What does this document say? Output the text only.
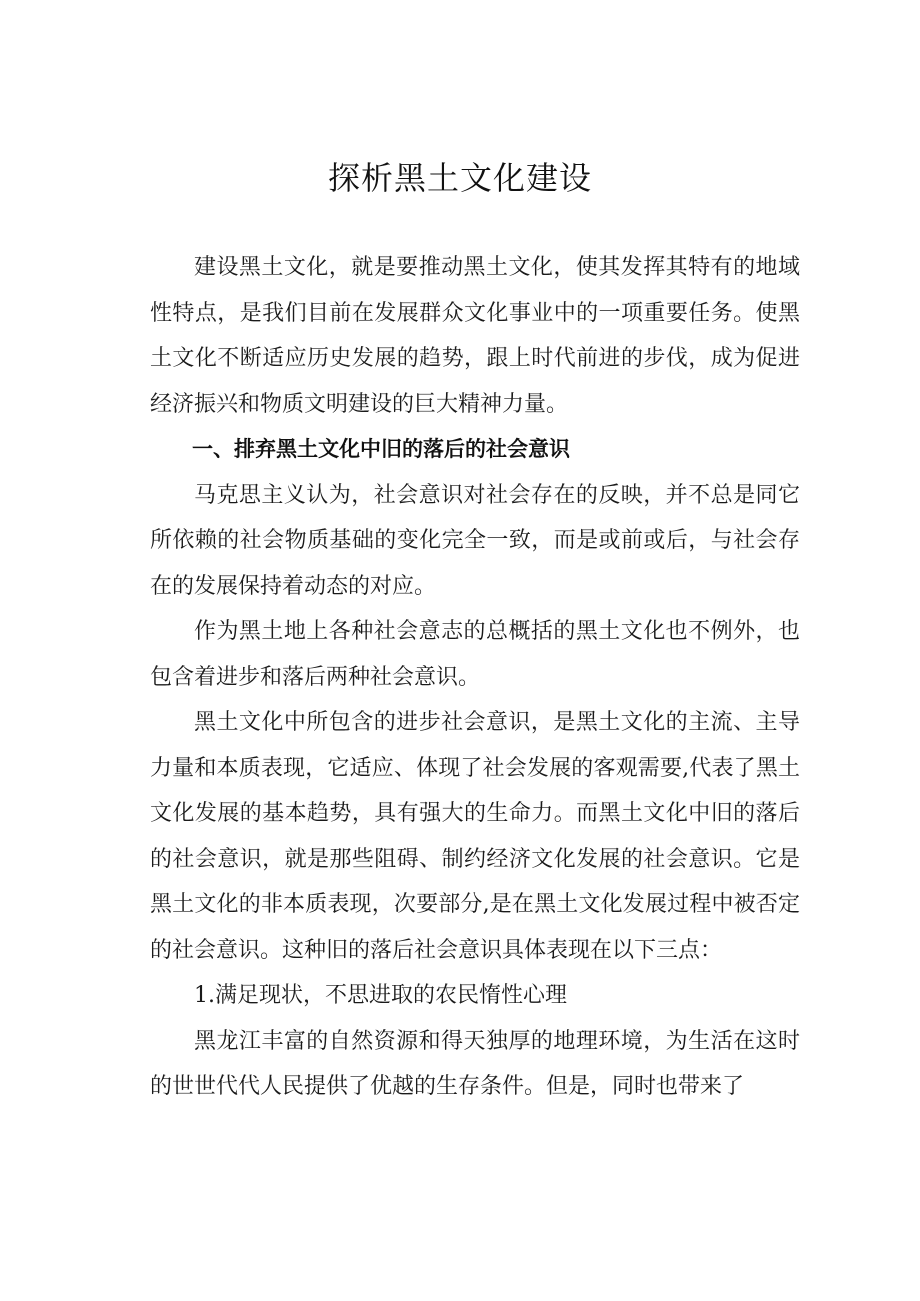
探析黑土文化建设

建设黑土文化，就是要推动黑土文化，使其发挥其特有的地域性特点，是我们目前在发展群众文化事业中的一项重要任务。使黑土文化不断适应历史发展的趋势，跟上时代前进的步伐，成为促进经济振兴和物质文明建设的巨大精神力量。

一、排弃黑土文化中旧的落后的社会意识

马克思主义认为，社会意识对社会存在的反映，并不总是同它所依赖的社会物质基础的变化完全一致，而是或前或后，与社会存在的发展保持着动态的对应。

作为黑土地上各种社会意志的总概括的黑土文化也不例外，也包含着进步和落后两种社会意识。

黑土文化中所包含的进步社会意识，是黑土文化的主流、主导力量和本质表现，它适应、体现了社会发展的客观需要,代表了黑土文化发展的基本趋势，具有强大的生命力。而黑土文化中旧的落后的社会意识，就是那些阻碍、制约经济文化发展的社会意识。它是黑土文化的非本质表现，次要部分,是在黑土文化发展过程中被否定的社会意识。这种旧的落后社会意识具体表现在以下三点：

1.满足现状，不思进取的农民惰性心理

黑龙江丰富的自然资源和得天独厚的地理环境，为生活在这时的世世代代人民提供了优越的生存条件。但是，同时也带来了
